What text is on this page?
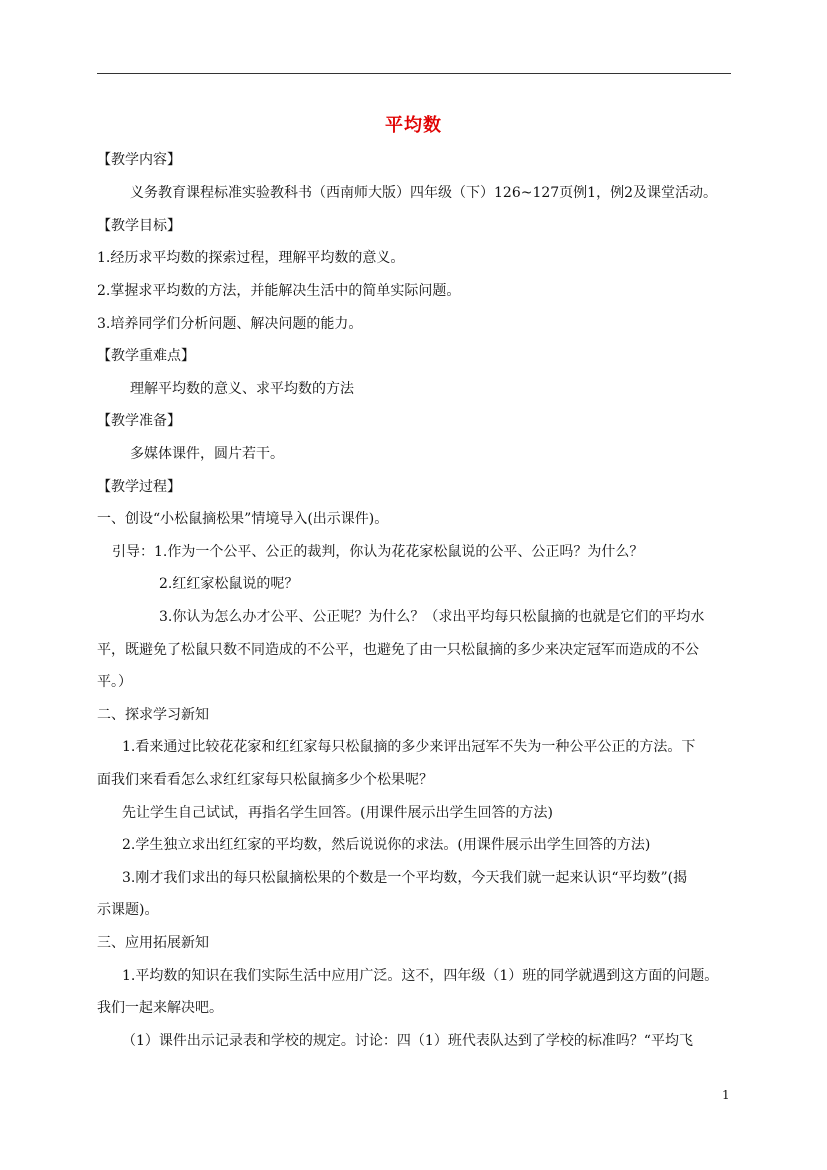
平均数
【教学内容】
义务教育课程标准实验教科书（西南师大版）四年级（下）126~127页例1，例2及课堂活动。
【教学目标】
1.经历求平均数的探索过程，理解平均数的意义。
2.掌握求平均数的方法，并能解决生活中的简单实际问题。
3.培养同学们分析问题、解决问题的能力。
【教学重难点】
理解平均数的意义、求平均数的方法
【教学准备】
多媒体课件，圆片若干。
【教学过程】
一、创设“小松鼠摘松果”情境导入(出示课件)。
引导：1.作为一个公平、公正的裁判，你认为花花家松鼠说的公平、公正吗？为什么？
2.红红家松鼠说的呢？
3.你认为怎么办才公平、公正呢？为什么？（求出平均每只松鼠摘的也就是它们的平均水
平，既避免了松鼠只数不同造成的不公平，也避免了由一只松鼠摘的多少来决定冠军而造成的不公
平。）
二、探求学习新知
1.看来通过比较花花家和红红家每只松鼠摘的多少来评出冠军不失为一种公平公正的方法。下
面我们来看看怎么求红红家每只松鼠摘多少个松果呢？
先让学生自己试试，再指名学生回答。(用课件展示出学生回答的方法)
2.学生独立求出红红家的平均数，然后说说你的求法。(用课件展示出学生回答的方法)
3.刚才我们求出的每只松鼠摘松果的个数是一个平均数，今天我们就一起来认识“平均数”(揭
示课题)。
三、应用拓展新知
1.平均数的知识在我们实际生活中应用广泛。这不，四年级（1）班的同学就遇到这方面的问题。
我们一起来解决吧。
（1）课件出示记录表和学校的规定。讨论：四（1）班代表队达到了学校的标准吗？“平均飞
1
